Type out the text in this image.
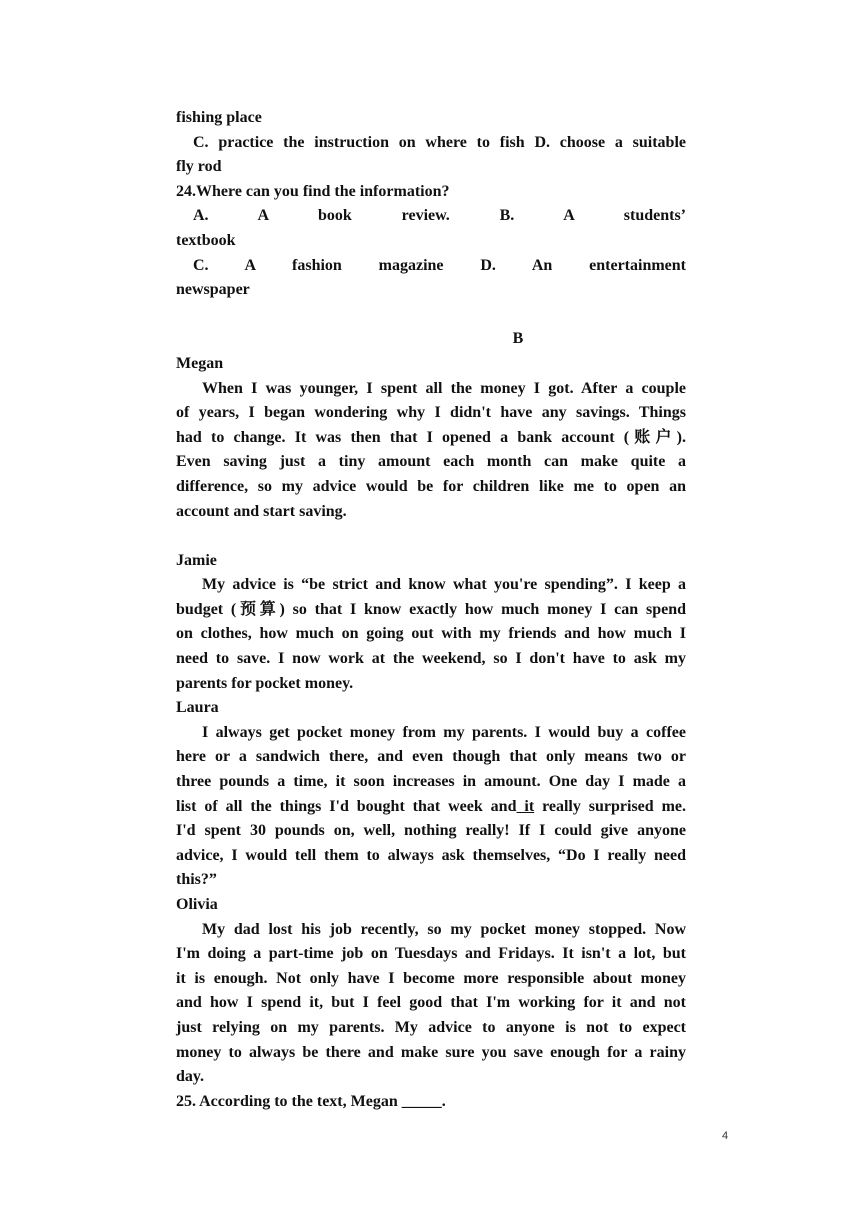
fishing place
C. practice the instruction on where to fish D. choose a suitable
fly rod
24.Where can you find the information?
A. A book review. B. A students’
textbook
C. A fashion magazine D. An entertainment
newspaper
B
Megan
When I was younger, I spent all the money I got. After a couple
of years, I began wondering why I didn't have any savings. Things
had to change. It was then that I opened a bank account (账户).
Even saving just a tiny amount each month can make quite a
difference, so my advice would be for children like me to open an
account and start saving.
Jamie
My advice is “be strict and know what you're spending”. I keep a
budget (预算) so that I know exactly how much money I can spend
on clothes, how much on going out with my friends and how much I
need to save. I now work at the weekend, so I don't have to ask my
parents for pocket money.
Laura
I always get pocket money from my parents. I would buy a coffee
here or a sandwich there, and even though that only means two or
three pounds a time, it soon increases in amount. One day I made a
list of all the things I'd bought that week and it really surprised me.
I'd spent 30 pounds on, well, nothing really! If I could give anyone
advice, I would tell them to always ask themselves, “Do I really need
this?”
Olivia
My dad lost his job recently, so my pocket money stopped. Now
I'm doing a part-time job on Tuesdays and Fridays. It isn't a lot, but
it is enough. Not only have I become more responsible about money
and how I spend it, but I feel good that I'm working for it and not
just relying on my parents. My advice to anyone is not to expect
money to always be there and make sure you save enough for a rainy
day.
25. According to the text, Megan _____.
4
